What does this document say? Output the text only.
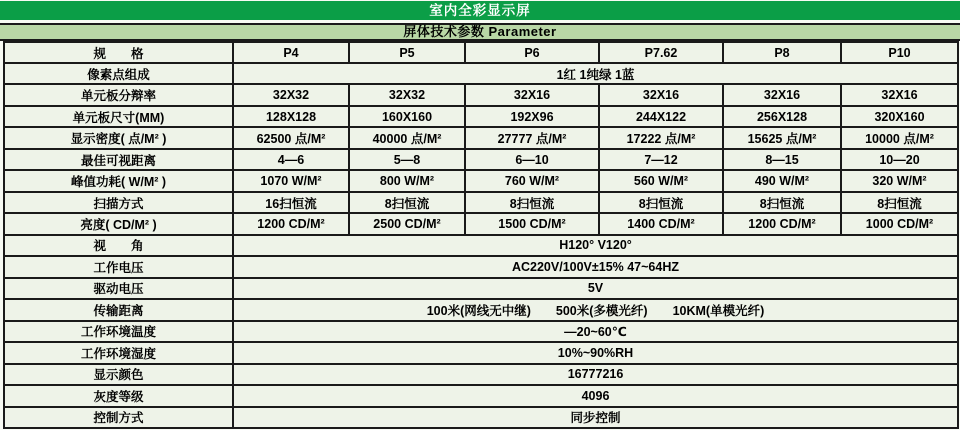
室内全彩显示屏
屏体技术参数 Parameter
规　　格	P4	P5	P6	P7.62	P8	P10
像素点组成	1红 1纯绿 1蓝					
单元板分辩率	32X32	32X32	32X16	32X16	32X16	32X16
单元板尺寸(MM)	128X128	160X160	192X96	244X122	256X128	320X160
显示密度( 点/M² )	62500 点/M²	40000 点/M²	27777 点/M²	17222 点/M²	15625 点/M²	10000 点/M²
最佳可视距离	4—6	5—8	6—10	7—12	8—15	10—20
峰值功耗( W/M² )	1070 W/M²	800 W/M²	760 W/M²	560 W/M²	490 W/M²	320 W/M²
扫描方式	16扫恒流	8扫恒流	8扫恒流	8扫恒流	8扫恒流	8扫恒流
亮度( CD/M² )	1200 CD/M²	2500 CD/M²	1500 CD/M²	1400 CD/M²	1200 CD/M²	1000 CD/M²
视　　角	H120° V120°					
工作电压	AC220V/100V±15% 47~64HZ					
驱动电压	5V					
传输距离	100米(网线无中继)　　500米(多模光纤)　　10KM(单模光纤)					
工作环境温度	—20~60℃					
工作环境湿度	10%~90%RH					
显示颜色	16777216					
灰度等级	4096					
控制方式	同步控制					
